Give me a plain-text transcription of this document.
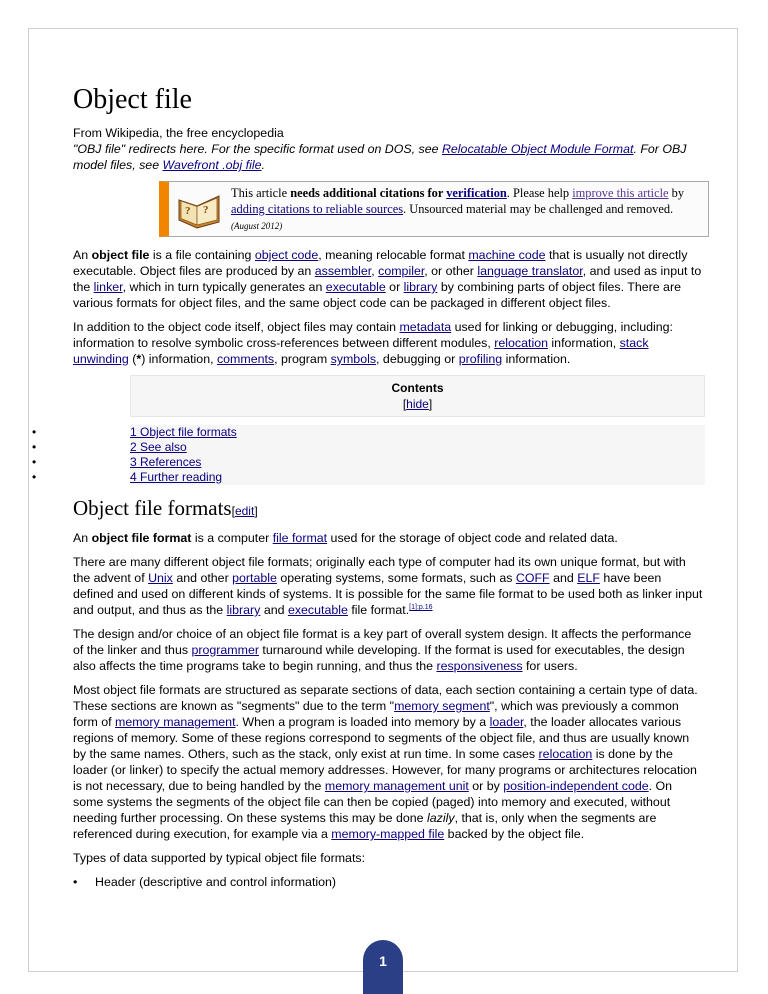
Object file

From Wikipedia, the free encyclopedia

"OBJ file" redirects here. For the specific format used on DOS, see Relocatable Object Module Format. For OBJ model files, see Wavefront .obj file.

? ?
This article needs additional citations for verification. Please help improve this article by adding citations to reliable sources. Unsourced material may be challenged and removed. (August 2012)

An object file is a file containing object code, meaning relocable format machine code that is usually not directly executable. Object files are produced by an assembler, compiler, or other language translator, and used as input to the linker, which in turn typically generates an executable or library by combining parts of object files. There are various formats for object files, and the same object code can be packaged in different object files.

In addition to the object code itself, object files may contain metadata used for linking or debugging, including: information to resolve symbolic cross-references between different modules, relocation information, stack unwinding (*) information, comments, program symbols, debugging or profiling information.

Contents
[hide]
•	1 Object file formats
•	2 See also
•	3 References
•	4 Further reading
Object file formats[edit]

An object file format is a computer file format used for the storage of object code and related data.

There are many different object file formats; originally each type of computer had its own unique format, but with the advent of Unix and other portable operating systems, some formats, such as COFF and ELF have been defined and used on different kinds of systems. It is possible for the same file format to be used both as linker input and output, and thus as the library and executable file format.$^{[1]:p.16}$

The design and/or choice of an object file format is a key part of overall system design. It affects the performance of the linker and thus programmer turnaround while developing. If the format is used for executables, the design also affects the time programs take to begin running, and thus the responsiveness for users.

Most object file formats are structured as separate sections of data, each section containing a certain type of data. These sections are known as "segments" due to the term "memory segment", which was previously a common form of memory management. When a program is loaded into memory by a loader, the loader allocates various regions of memory. Some of these regions correspond to segments of the object file, and thus are usually known by the same names. Others, such as the stack, only exist at run time. In some cases relocation is done by the loader (or linker) to specify the actual memory addresses. However, for many programs or architectures relocation is not necessary, due to being handled by the memory management unit or by position-independent code. On some systems the segments of the object file can then be copied (paged) into memory and executed, without needing further processing. On these systems this may be done lazily, that is, only when the segments are referenced during execution, for example via a memory-mapped file backed by the object file.

Types of data supported by typical object file formats:

• Header (descriptive and control information)
1
